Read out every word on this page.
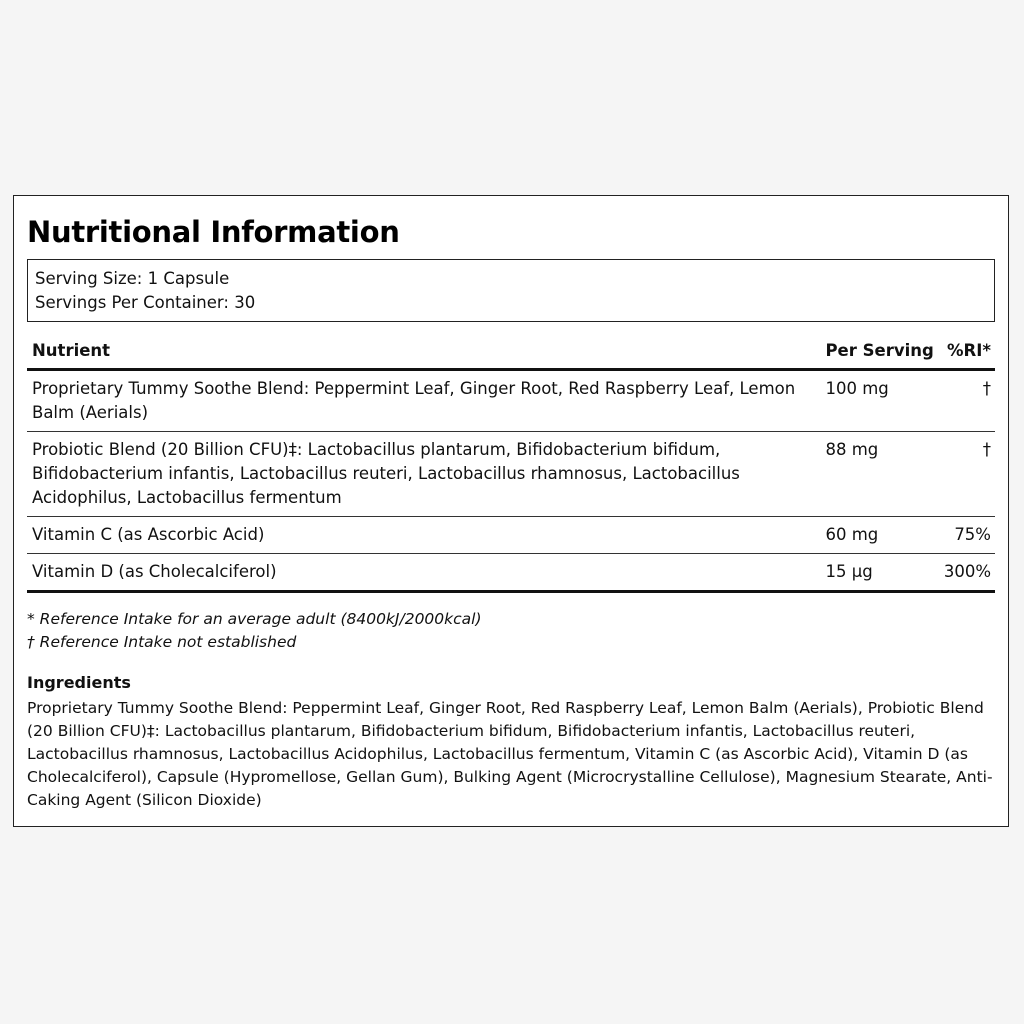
Nutritional Information
Serving Size: 1 Capsule
Servings Per Container: 30
Nutrient	Per Serving	%RI*
Proprietary Tummy Soothe Blend: Peppermint Leaf, Ginger Root, Red Raspberry Leaf, Lemon Balm (Aerials)	100 mg	†
Probiotic Blend (20 Billion CFU)‡: Lactobacillus plantarum, Bifidobacterium bifidum, Bifidobacterium infantis, Lactobacillus reuteri, Lactobacillus rhamnosus, Lactobacillus Acidophilus, Lactobacillus fermentum	88 mg	†
Vitamin C (as Ascorbic Acid)	60 mg	75%
Vitamin D (as Cholecalciferol)	15 µg	300%
* Reference Intake for an average adult (8400kJ/2000kcal)
† Reference Intake not established
Ingredients
Proprietary Tummy Soothe Blend: Peppermint Leaf, Ginger Root, Red Raspberry Leaf, Lemon Balm (Aerials), Probiotic Blend (20 Billion CFU)‡: Lactobacillus plantarum, Bifidobacterium bifidum, Bifidobacterium infantis, Lactobacillus reuteri, Lactobacillus rhamnosus, Lactobacillus Acidophilus, Lactobacillus fermentum, Vitamin C (as Ascorbic Acid), Vitamin D (as Cholecalciferol), Capsule (Hypromellose, Gellan Gum), Bulking Agent (Microcrystalline Cellulose), Magnesium Stearate, Anti-Caking Agent (Silicon Dioxide)
